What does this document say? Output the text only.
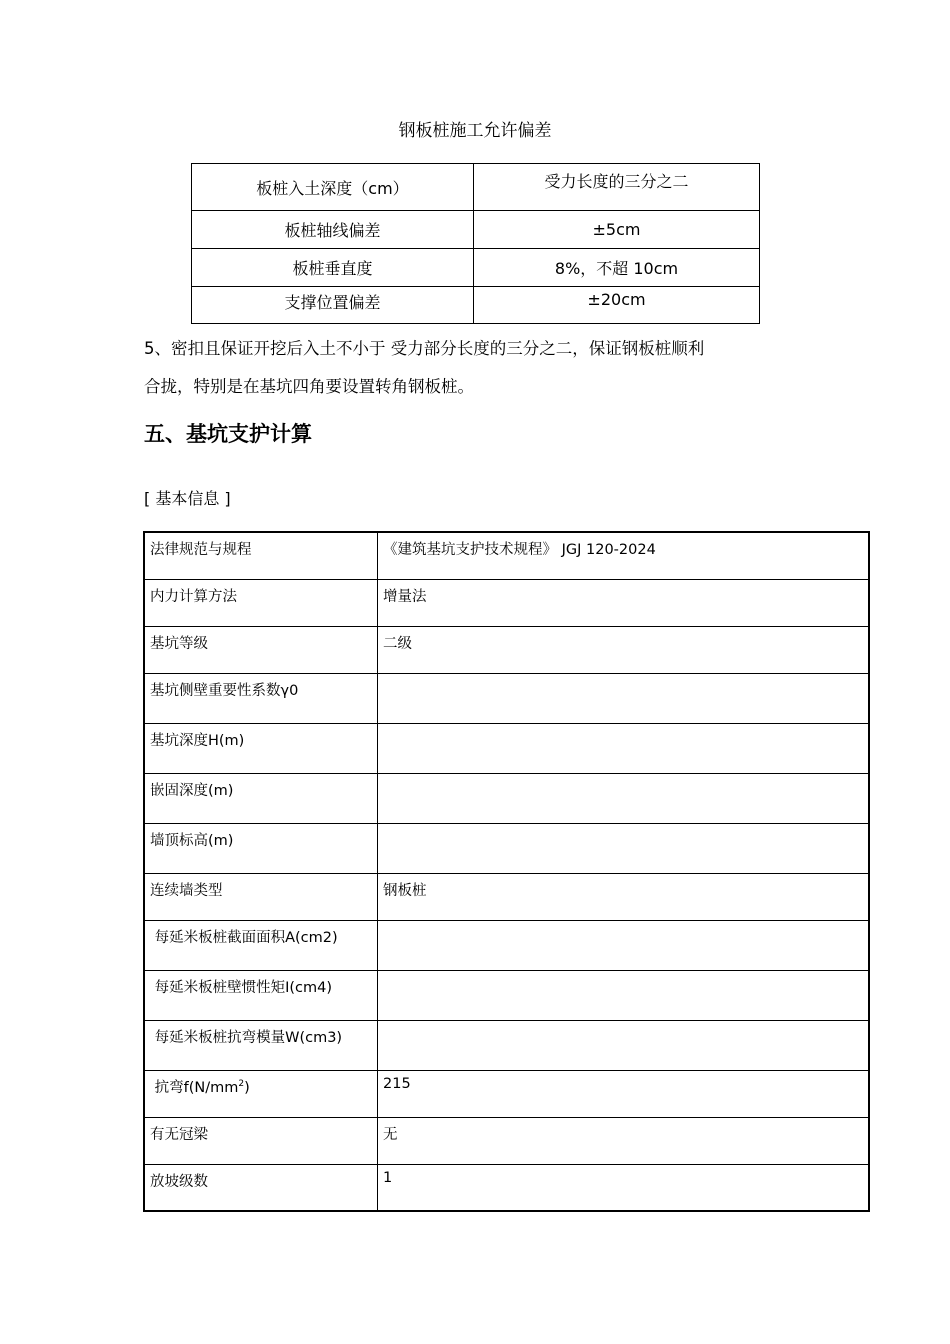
钢板桩施工允许偏差
板桩入土深度（cm）	受力长度的三分之二
板桩轴线偏差	±5cm
板桩垂直度	8%，不超 10cm
支撑位置偏差	±20cm
5、密扣且保证开挖后入土不小于 受力部分长度的三分之二，保证钢板桩顺利
合拢，特别是在基坑四角要设置转角钢板桩。
五、基坑支护计算
[ 基本信息 ]
法律规范与规程	《建筑基坑支护技术规程》 JGJ 120-2024
内力计算方法	增量法
基坑等级	二级
基坑侧壁重要性系数γ0	
基坑深度H(m)	
嵌固深度(m)	
墙顶标高(m)	
连续墙类型	钢板桩
每延米板桩截面面积A(cm2)	
每延米板桩壁惯性矩I(cm4)	
每延米板桩抗弯模量W(cm3)	
抗弯$f(N/mm^2)$	215
有无冠梁	无
放坡级数	1
